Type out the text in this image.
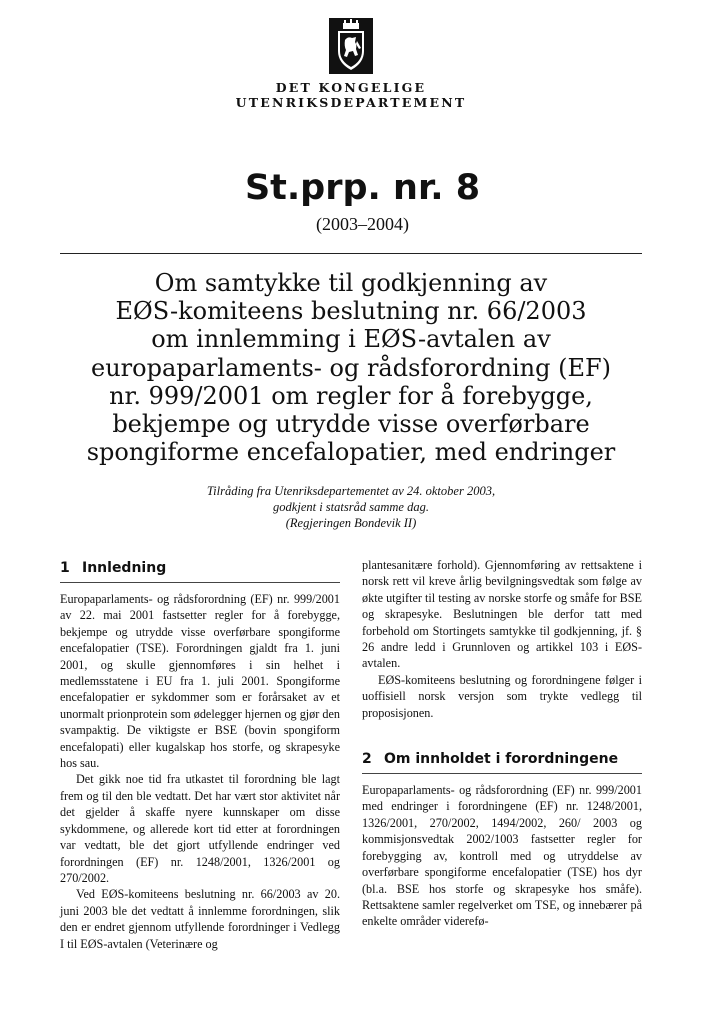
DET KONGELIGE
UTENRIKSDEPARTEMENT
St.prp. nr. 8
(2003–2004)
Om samtykke til godkjenning av
EØS-komiteens beslutning nr. 66/2003
om innlemming i EØS-avtalen av
europaparlaments- og rådsforordning (EF)
nr. 999/2001 om regler for å forebygge,
bekjempe og utrydde visse overførbare
spongiforme encefalopatier, med endringer
Tilråding fra Utenriksdepartementet av 24. oktober 2003,
godkjent i statsråd samme dag.
(Regjeringen Bondevik II)
1 Innledning

Europaparlaments- og rådsforordning (EF) nr. 999/2001 av 22. mai 2001 fastsetter regler for å forebygge, bekjempe og utrydde visse overførbare spongiforme encefalopatier (TSE). Forordningen gjaldt fra 1. juni 2001, og skulle gjennomføres i sin helhet i medlemsstatene i EU fra 1. juli 2001. Spongiforme encefalopatier er sykdommer som er forårsaket av et unormalt prionprotein som ødelegger hjernen og gjør den svampaktig. De viktigste er BSE (bovin spongiform encefalopati) eller kugalskap hos storfe, og skrapesyke hos sau.

Det gikk noe tid fra utkastet til forordning ble lagt frem og til den ble vedtatt. Det har vært stor aktivitet når det gjelder å skaffe nyere kunnskaper om disse sykdommene, og allerede kort tid etter at forordningen var vedtatt, ble det gjort utfyllende endringer ved forordningen (EF) nr. 1248/2001, 1326/2001 og 270/2002.

Ved EØS-komiteens beslutning nr. 66/2003 av 20. juni 2003 ble det vedtatt å innlemme forordningen, slik den er endret gjennom utfyllende forordninger i Vedlegg I til EØS-avtalen (Veterinære og

plantesanitære forhold). Gjennomføring av rettsaktene i norsk rett vil kreve årlig bevilgningsvedtak som følge av økte utgifter til testing av norske storfe og småfe for BSE og skrapesyke. Beslutningen ble derfor tatt med forbehold om Stortingets samtykke til godkjenning, jf. § 26 andre ledd i Grunnloven og artikkel 103 i EØS-avtalen.

EØS-komiteens beslutning og forordningene følger i uoffisiell norsk versjon som trykte vedlegg til proposisjonen.

2 Om innholdet i forordningene

Europaparlaments- og rådsforordning (EF) nr. 999/2001 med endringer i forordningene (EF) nr. 1248/2001, 1326/2001, 270/2002, 1494/2002, 260/ 2003 og kommisjonsvedtak 2002/1003 fastsetter regler for forebygging av, kontroll med og utryddelse av overførbare spongiforme encefalopatier (TSE) hos dyr (bl.a. BSE hos storfe og skrapesyke hos småfe). Rettsaktene samler regelverket om TSE, og innebærer på enkelte områder viderefø-
